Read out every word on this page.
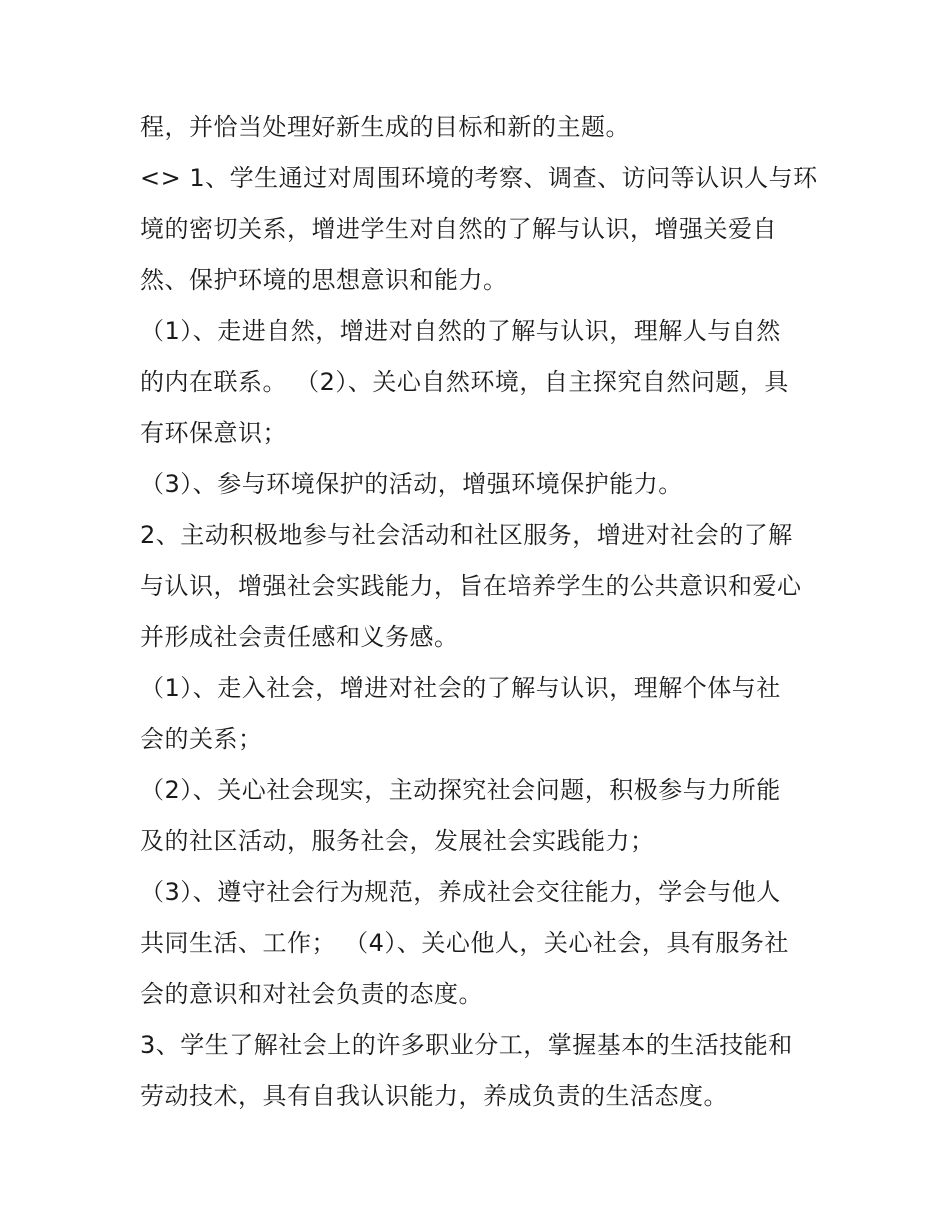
程，并恰当处理好新生成的目标和新的主题。
<> 1、学生通过对周围环境的考察、调查、访问等认识人与环
境的密切关系，增进学生对自然的了解与认识，增强关爱自
然、保护环境的思想意识和能力。
（1）、走进自然，增进对自然的了解与认识，理解人与自然
的内在联系。 （2）、关心自然环境，自主探究自然问题，具
有环保意识；
（3）、参与环境保护的活动，增强环境保护能力。
2、主动积极地参与社会活动和社区服务，增进对社会的了解
与认识，增强社会实践能力，旨在培养学生的公共意识和爱心
并形成社会责任感和义务感。
（1）、走入社会，增进对社会的了解与认识，理解个体与社
会的关系；
（2）、关心社会现实，主动探究社会问题，积极参与力所能
及的社区活动，服务社会，发展社会实践能力；
（3）、遵守社会行为规范，养成社会交往能力，学会与他人
共同生活、工作； （4）、关心他人，关心社会，具有服务社
会的意识和对社会负责的态度。
3、学生了解社会上的许多职业分工，掌握基本的生活技能和
劳动技术，具有自我认识能力，养成负责的生活态度。
